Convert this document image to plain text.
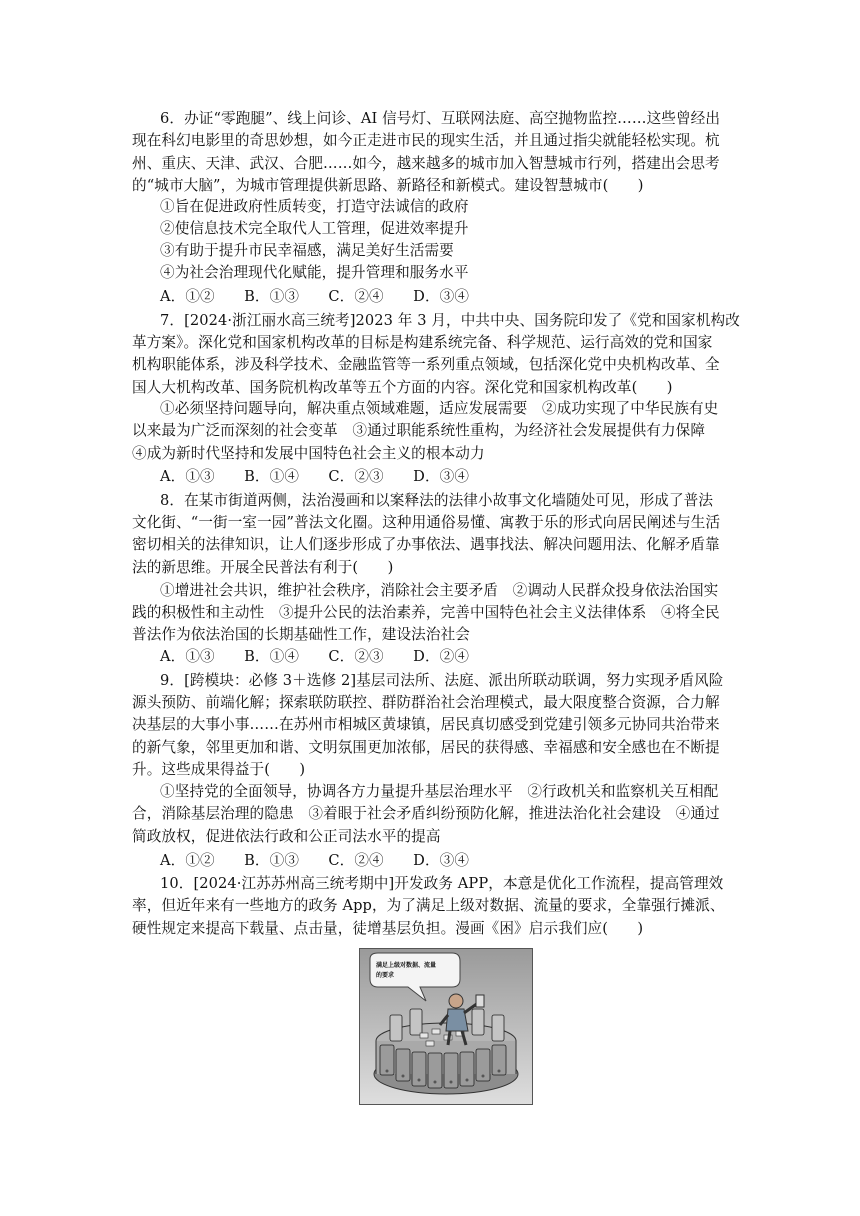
6．办证“零跑腿”、线上问诊、AI 信号灯、互联网法庭、高空抛物监控……这些曾经出
现在科幻电影里的奇思妙想，如今正走进市民的现实生活，并且通过指尖就能轻松实现。杭
州、重庆、天津、武汉、合肥……如今，越来越多的城市加入智慧城市行列，搭建出会思考
的“城市大脑”，为城市管理提供新思路、新路径和新模式。建设智慧城市(　　)
①旨在促进政府性质转变，打造守法诚信的政府
②使信息技术完全取代人工管理，促进效率提升
③有助于提升市民幸福感，满足美好生活需要
④为社会治理现代化赋能，提升管理和服务水平
A．①②　　B．①③　　C．②④　　D．③④
7．[2024·浙江丽水高三统考]2023 年 3 月，中共中央、国务院印发了《党和国家机构改
革方案》。深化党和国家机构改革的目标是构建系统完备、科学规范、运行高效的党和国家
机构职能体系，涉及科学技术、金融监管等一系列重点领域，包括深化党中央机构改革、全
国人大机构改革、国务院机构改革等五个方面的内容。深化党和国家机构改革(　　)
①必须坚持问题导向，解决重点领域难题，适应发展需要　②成功实现了中华民族有史
以来最为广泛而深刻的社会变革　③通过职能系统性重构，为经济社会发展提供有力保障
④成为新时代坚持和发展中国特色社会主义的根本动力
A．①③　　B．①④　　C．②③　　D．③④
8．在某市街道两侧，法治漫画和以案释法的法律小故事文化墙随处可见，形成了普法
文化街、“一街一室一园”普法文化圈。这种用通俗易懂、寓教于乐的形式向居民阐述与生活
密切相关的法律知识，让人们逐步形成了办事依法、遇事找法、解决问题用法、化解矛盾靠
法的新思维。开展全民普法有利于(　　)
①增进社会共识，维护社会秩序，消除社会主要矛盾　②调动人民群众投身依法治国实
践的积极性和主动性　③提升公民的法治素养，完善中国特色社会主义法律体系　④将全民
普法作为依法治国的长期基础性工作，建设法治社会
A．①③　　B．①④　　C．②③　　D．②④
9．[跨模块：必修 3＋选修 2]基层司法所、法庭、派出所联动联调，努力实现矛盾风险
源头预防、前端化解；探索联防联控、群防群治社会治理模式，最大限度整合资源，合力解
决基层的大事小事……在苏州市相城区黄埭镇，居民真切感受到党建引领多元协同共治带来
的新气象，邻里更加和谐、文明氛围更加浓郁，居民的获得感、幸福感和安全感也在不断提
升。这些成果得益于(　　)
①坚持党的全面领导，协调各方力量提升基层治理水平　②行政机关和监察机关互相配
合，消除基层治理的隐患　③着眼于社会矛盾纠纷预防化解，推进法治化社会建设　④通过
简政放权，促进依法行政和公正司法水平的提高
A．①②　　B．①③　　C．②④　　D．③④
10．[2024·江苏苏州高三统考期中]开发政务 APP，本意是优化工作流程，提高管理效
率，但近年来有一些地方的政务 App，为了满足上级对数据、流量的要求，全靠强行摊派、
硬性规定来提高下载量、点击量，徒增基层负担。漫画《困》启示我们应(　　)
满足上级对数据、流量
的要求
